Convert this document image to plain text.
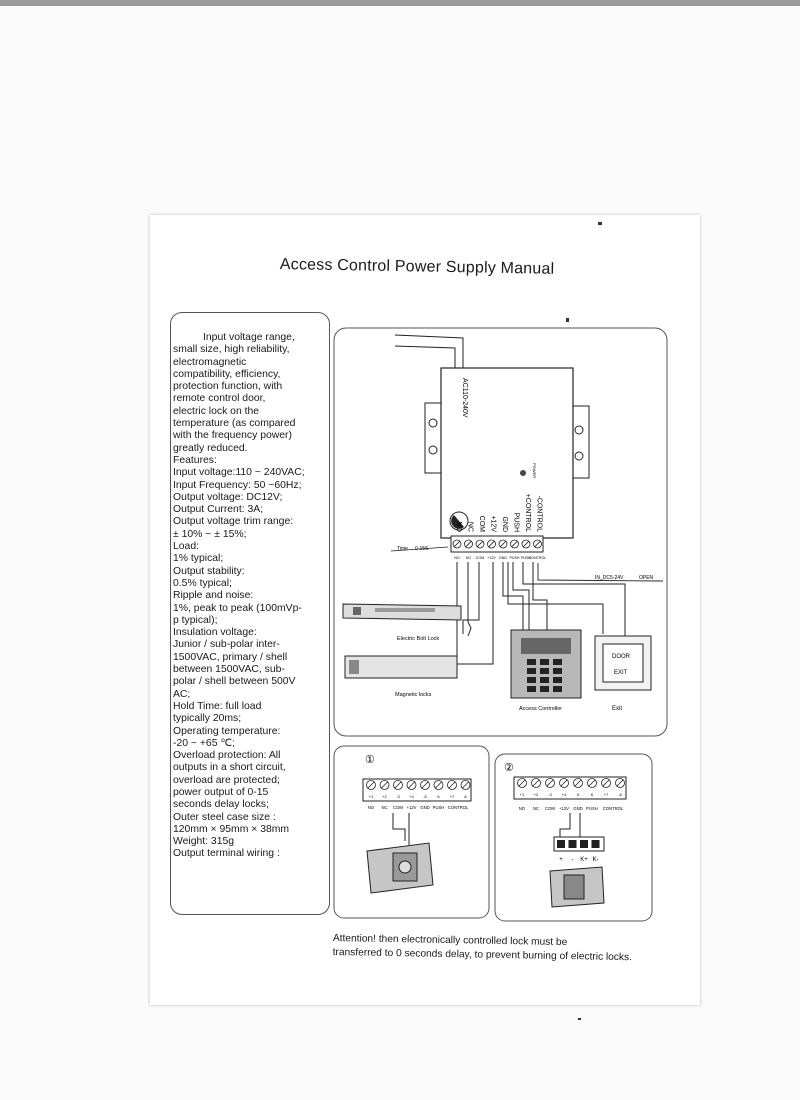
Access Control Power Supply Manual
Input voltage range,
small size, high reliability,
electromagnetic
compatibility, efficiency,
protection function, with
remote control door,
electric lock on the
temperature (as compared
with the frequency power)
greatly reduced.
Features:
Input voltage:110 ~ 240VAC;
Input Frequency: 50 ~60Hz;
Output voltage: DC12V;
Output Current: 3A;
Output voltage trim range:
± 10% ~ ± 15%;
Load:
1% typical;
Output stability:
0.5% typical;
Ripple and noise:
1%, peak to peak (100mVp-
p typical);
Insulation voltage:
Junior / sub-polar inter-
1500VAC, primary / shell
between 1500VAC, sub-
polar / shell between 500V
AC;
Hold Time: full load
typically 20ms;
Operating temperature:
-20 ~ +65 ℃;
Overload protection: All
outputs in a short circuit,
overload are protected;
power output of 0-15
seconds delay locks;
Outer steel case size :
120mm × 95mm × 38mm
Weight: 315g
Output terminal wiring :
AC110-240V
POWER
NO NC COM +12V GND PUSH +CONTROL -CONTROL
NO NC COM +12V GND PUSH PUSH
CONTROL
Time 0-15S
IN_DC5-24V	OPEN
Electric Bolt Lock
Magnetic locks
Access Controller
DOOR
EXIT
Exit
①
+1 +2 -3 +4 -5	6	+7	8
NO NC COM +12V GND PUSH CONTROL
②
+1 +2 -3 +4	5	6	+7 -8
NO NC COM +12V GND PUSH CONTROL
+ - K+ K-
Attention! then electronically controlled lock must be
transferred to 0 seconds delay, to prevent burning of electric locks.
